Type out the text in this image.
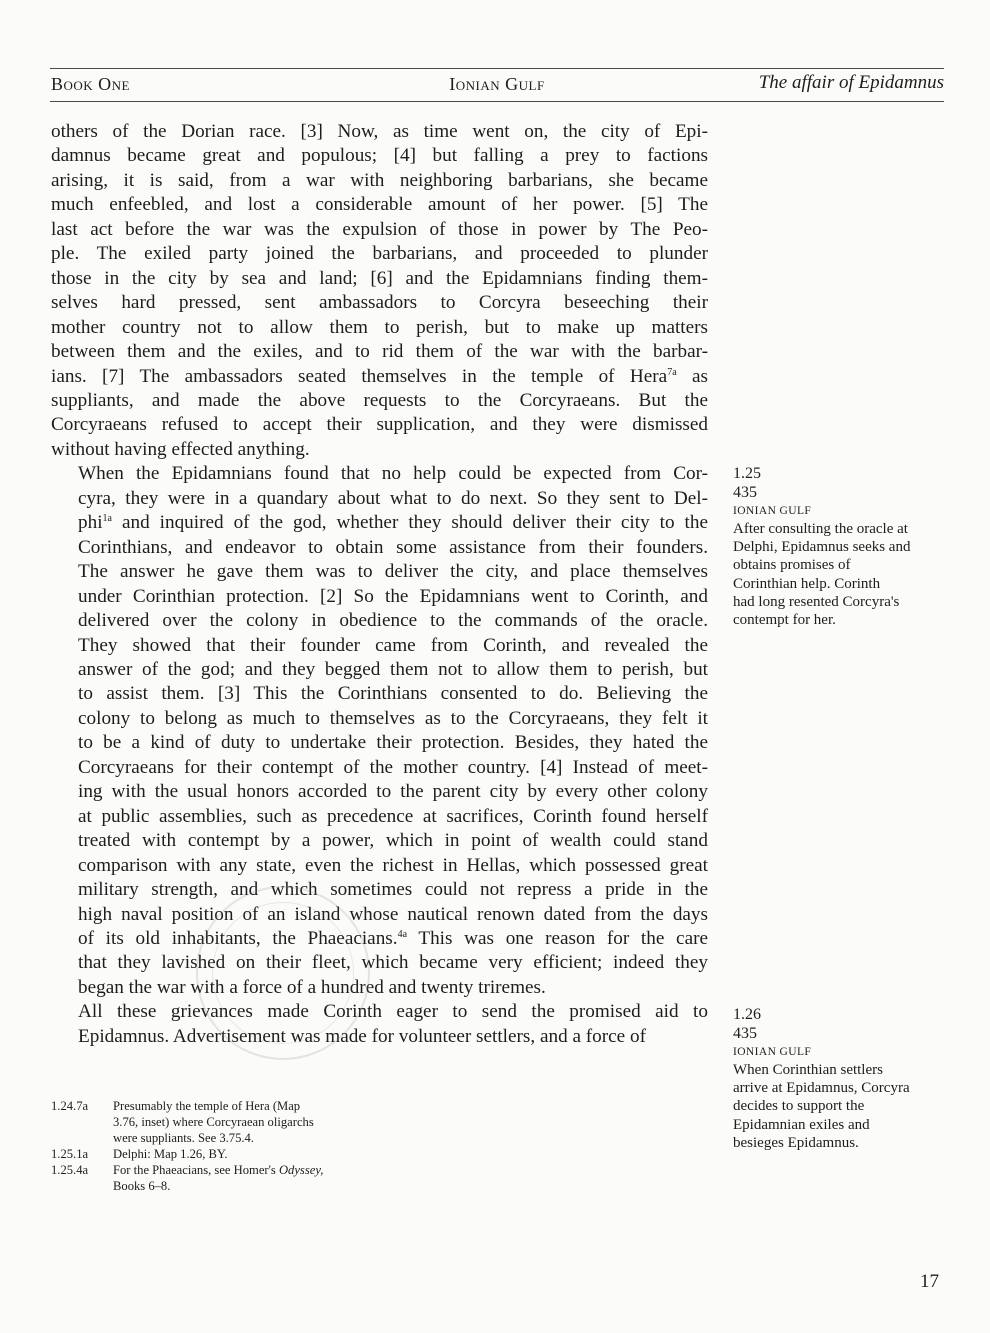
Book One	Ionian Gulf	The affair of Epidamnus

others of the Dorian race. [3] Now, as time went on, the city of Epi-
damnus became great and populous; [4] but falling a prey to factions
arising, it is said, from a war with neighboring barbarians, she became
much enfeebled, and lost a considerable amount of her power. [5] The
last act before the war was the expulsion of those in power by The Peo-
ple. The exiled party joined the barbarians, and proceeded to plunder
those in the city by sea and land; [6] and the Epidamnians finding them-
selves hard pressed, sent ambassadors to Corcyra beseeching their
mother country not to allow them to perish, but to make up matters
between them and the exiles, and to rid them of the war with the barbar-
ians. [7] The ambassadors seated themselves in the temple of Hera$^{7a}$ as
suppliants, and made the above requests to the Corcyraeans. But the
Corcyraeans refused to accept their supplication, and they were dismissed
without having effected anything.

When the Epidamnians found that no help could be expected from Cor-
cyra, they were in a quandary about what to do next. So they sent to Del-
phi$^{1a}$ and inquired of the god, whether they should deliver their city to the
Corinthians, and endeavor to obtain some assistance from their founders.
The answer he gave them was to deliver the city, and place themselves
under Corinthian protection. [2] So the Epidamnians went to Corinth, and
delivered over the colony in obedience to the commands of the oracle.
They showed that their founder came from Corinth, and revealed the
answer of the god; and they begged them not to allow them to perish, but
to assist them. [3] This the Corinthians consented to do. Believing the
colony to belong as much to themselves as to the Corcyraeans, they felt it
to be a kind of duty to undertake their protection. Besides, they hated the
Corcyraeans for their contempt of the mother country. [4] Instead of meet-
ing with the usual honors accorded to the parent city by every other colony
at public assemblies, such as precedence at sacrifices, Corinth found herself
treated with contempt by a power, which in point of wealth could stand
comparison with any state, even the richest in Hellas, which possessed great
military strength, and which sometimes could not repress a pride in the
high naval position of an island whose nautical renown dated from the days
of its old inhabitants, the Phaeacians.$^{4a}$ This was one reason for the care
that they lavished on their fleet, which became very efficient; indeed they
began the war with a force of a hundred and twenty triremes.

All these grievances made Corinth eager to send the promised aid to
Epidamnus. Advertisement was made for volunteer settlers, and a force of

1.24.7a	Presumably the temple of Hera (Map
3.76, inset) where Corcyraean oligarchs
were suppliants. See 3.75.4.
1.25.1a	Delphi: Map 1.26, BY.
1.25.4a	For the Phaeacians, see Homer's Odyssey,
Books 6–8.
1.25
435
IONIAN GULF
After consulting the oracle at
Delphi, Epidamnus seeks and
obtains promises of
Corinthian help. Corinth
had long resented Corcyra's
contempt for her.
1.26
435
IONIAN GULF
When Corinthian settlers
arrive at Epidamnus, Corcyra
decides to support the
Epidamnian exiles and
besieges Epidamnus.
17
